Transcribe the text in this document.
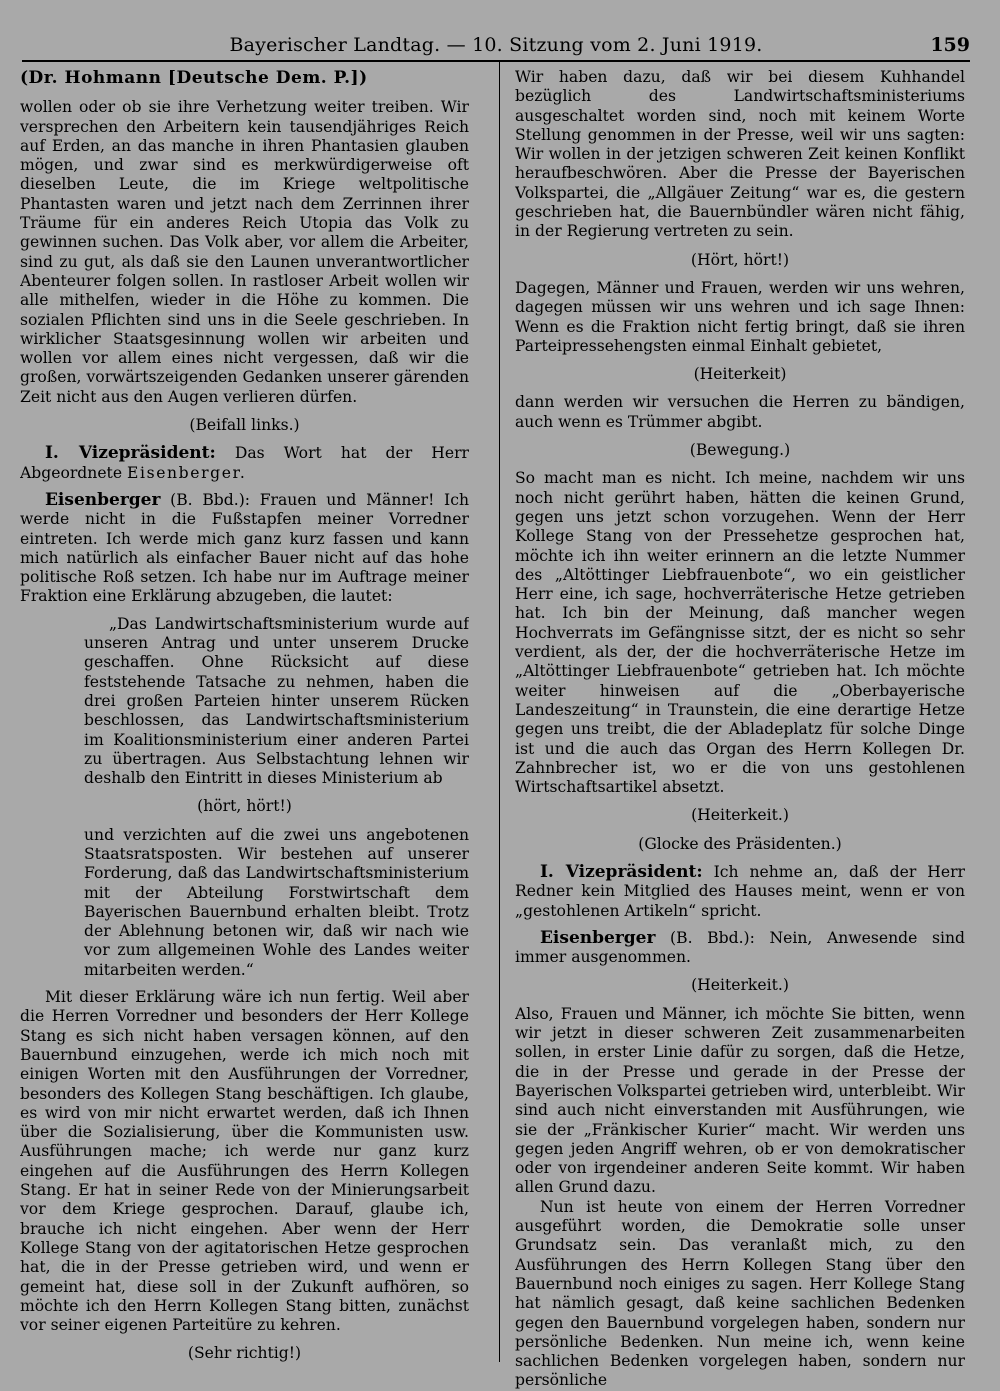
Bayerischer Landtag. — 10. Sitzung vom 2. Juni 1919.	159
(Dr. Hohmann [Deutsche Dem. P.])

wollen oder ob sie ihre Verhetzung weiter treiben. Wir versprechen den Arbeitern kein tausendjähriges Reich auf Erden, an das manche in ihren Phantasien glauben mögen, und zwar sind es merkwürdigerweise oft dieselben Leute, die im Kriege weltpolitische Phantasten waren und jetzt nach dem Zerrinnen ihrer Träume für ein anderes Reich Utopia das Volk zu gewinnen suchen. Das Volk aber, vor allem die Arbeiter, sind zu gut, als daß sie den Launen unverantwortlicher Abenteurer folgen sollen. In rastloser Arbeit wollen wir alle mithelfen, wieder in die Höhe zu kommen. Die sozialen Pflichten sind uns in die Seele geschrieben. In wirklicher Staatsgesinnung wollen wir arbeiten und wollen vor allem eines nicht vergessen, daß wir die großen, vorwärtszeigenden Gedanken unserer gärenden Zeit nicht aus den Augen verlieren dürfen.

(Beifall links.)

I. Vizepräsident: Das Wort hat der Herr Abgeordnete Eisenberger.

Eisenberger (B. Bbd.): Frauen und Männer! Ich werde nicht in die Fußstapfen meiner Vorredner eintreten. Ich werde mich ganz kurz fassen und kann mich natürlich als einfacher Bauer nicht auf das hohe politische Roß setzen. Ich habe nur im Auftrage meiner Fraktion eine Erklärung abzugeben, die lautet:

„Das Landwirtschaftsministerium wurde auf unseren Antrag und unter unserem Drucke geschaffen. Ohne Rücksicht auf diese feststehende Tatsache zu nehmen, haben die drei großen Parteien hinter unserem Rücken beschlossen, das Landwirtschaftsministerium im Koalitionsministerium einer anderen Partei zu übertragen. Aus Selbstachtung lehnen wir deshalb den Eintritt in dieses Ministerium ab

(hört, hört!)

und verzichten auf die zwei uns angebotenen Staatsratsposten. Wir bestehen auf unserer Forderung, daß das Landwirtschaftsministerium mit der Abteilung Forstwirtschaft dem Bayerischen Bauernbund erhalten bleibt. Trotz der Ablehnung betonen wir, daß wir nach wie vor zum allgemeinen Wohle des Landes weiter mitarbeiten werden.“

Mit dieser Erklärung wäre ich nun fertig. Weil aber die Herren Vorredner und besonders der Herr Kollege Stang es sich nicht haben versagen können, auf den Bauernbund einzugehen, werde ich mich noch mit einigen Worten mit den Ausführungen der Vorredner, besonders des Kollegen Stang beschäftigen. Ich glaube, es wird von mir nicht erwartet werden, daß ich Ihnen über die Sozialisierung, über die Kommunisten usw. Ausführungen mache; ich werde nur ganz kurz eingehen auf die Ausführungen des Herrn Kollegen Stang. Er hat in seiner Rede von der Minierungsarbeit vor dem Kriege gesprochen. Darauf, glaube ich, brauche ich nicht eingehen. Aber wenn der Herr Kollege Stang von der agitatorischen Hetze gesprochen hat, die in der Presse getrieben wird, und wenn er gemeint hat, diese soll in der Zukunft aufhören, so möchte ich den Herrn Kollegen Stang bitten, zunächst vor seiner eigenen Parteitüre zu kehren.

(Sehr richtig!)

Wir haben dazu, daß wir bei diesem Kuhhandel bezüglich des Landwirtschaftsministeriums ausgeschaltet worden sind, noch mit keinem Worte Stellung genommen in der Presse, weil wir uns sagten: Wir wollen in der jetzigen schweren Zeit keinen Konflikt heraufbeschwören. Aber die Presse der Bayerischen Volkspartei, die „Allgäuer Zeitung“ war es, die gestern geschrieben hat, die Bauernbündler wären nicht fähig, in der Regierung vertreten zu sein.

(Hört, hört!)

Dagegen, Männer und Frauen, werden wir uns wehren, dagegen müssen wir uns wehren und ich sage Ihnen: Wenn es die Fraktion nicht fertig bringt, daß sie ihren Parteipressehengsten einmal Einhalt gebietet,

(Heiterkeit)

dann werden wir versuchen die Herren zu bändigen, auch wenn es Trümmer abgibt.

(Bewegung.)

So macht man es nicht. Ich meine, nachdem wir uns noch nicht gerührt haben, hätten die keinen Grund, gegen uns jetzt schon vorzugehen. Wenn der Herr Kollege Stang von der Pressehetze gesprochen hat, möchte ich ihn weiter erinnern an die letzte Nummer des „Altöttinger Liebfrauenbote“, wo ein geistlicher Herr eine, ich sage, hochverräterische Hetze getrieben hat. Ich bin der Meinung, daß mancher wegen Hochverrats im Gefängnisse sitzt, der es nicht so sehr verdient, als der, der die hochverräterische Hetze im „Altöttinger Liebfrauenbote“ getrieben hat. Ich möchte weiter hinweisen auf die „Oberbayerische Landeszeitung“ in Traunstein, die eine derartige Hetze gegen uns treibt, die der Abladeplatz für solche Dinge ist und die auch das Organ des Herrn Kollegen Dr. Zahnbrecher ist, wo er die von uns gestohlenen Wirtschaftsartikel absetzt.

(Heiterkeit.)
(Glocke des Präsidenten.)

I. Vizepräsident: Ich nehme an, daß der Herr Redner kein Mitglied des Hauses meint, wenn er von „gestohlenen Artikeln“ spricht.

Eisenberger (B. Bbd.): Nein, Anwesende sind immer ausgenommen.

(Heiterkeit.)

Also, Frauen und Männer, ich möchte Sie bitten, wenn wir jetzt in dieser schweren Zeit zusammenarbeiten sollen, in erster Linie dafür zu sorgen, daß die Hetze, die in der Presse und gerade in der Presse der Bayerischen Volkspartei getrieben wird, unterbleibt. Wir sind auch nicht einverstanden mit Ausführungen, wie sie der „Fränkischer Kurier“ macht. Wir werden uns gegen jeden Angriff wehren, ob er von demokratischer oder von irgendeiner anderen Seite kommt. Wir haben allen Grund dazu.

Nun ist heute von einem der Herren Vorredner ausgeführt worden, die Demokratie solle unser Grundsatz sein. Das veranlaßt mich, zu den Ausführungen des Herrn Kollegen Stang über den Bauernbund noch einiges zu sagen. Herr Kollege Stang hat nämlich gesagt, daß keine sachlichen Bedenken gegen den Bauernbund vorgelegen haben, sondern nur persönliche Bedenken. Nun meine ich, wenn keine sachlichen Bedenken vorgelegen haben, sondern nur persönliche
